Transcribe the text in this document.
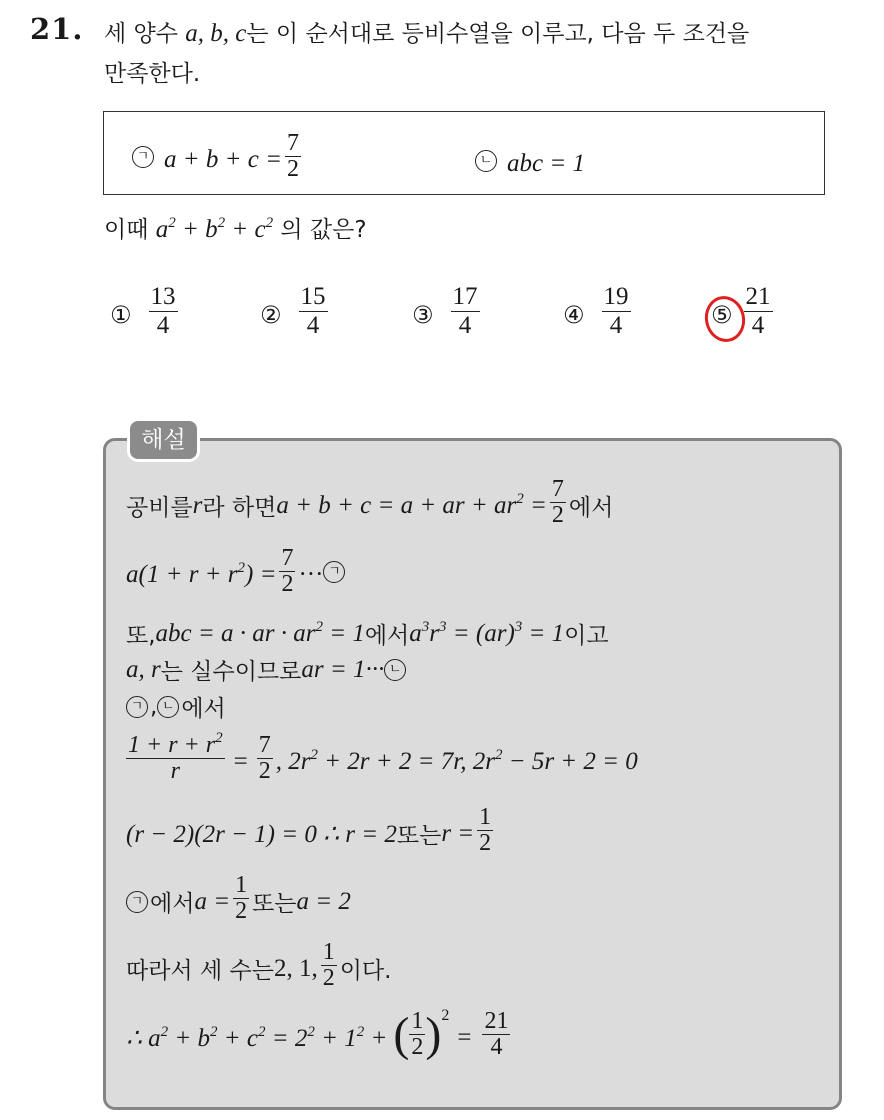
21. 세 양수 a, b, c는 이 순서대로 등비수열을 이루고, 다음 두 조건을
만족한다.
ㄱ $a + b + c = \frac{7}{2}$	ㄴ abc = 1
이때 $a^2 + b^2 + c^2$ 의 값은?
① $\frac{13}{4}$	② $\frac{15}{4}$	③ $\frac{17}{4}$	④ $\frac{19}{4}$	⑤ $\frac{21}{4}$
해설
공비를 r 라 하면 a + b + c = a + ar + $ar^2 = \frac{7}{2}$ 에서
$a(1 + r + r^2) = \frac{7}{2}$ ··· ㄱ
또, abc = a · ar · $ar^2 = 1$ 에서 $a^3r^3 = (ar)^3 = 1$ 이고
a, r 는 실수이므로 ar = 1··· ㄴ
ㄱ , ㄴ 에서
$\frac{1 + r + r^2}{r} = \frac{7}{2}$ , $2r^2 + 2r + 2 = 7r$, $2r^2 - 5r + 2 = 0$
(r − 2)(2r − 1) = 0 ∴ r = 2 또는 $r = \frac{1}{2}$
ㄱ 에서 $a = \frac{1}{2}$ 또는 a = 2
따라서 세 수는 2, 1, $\frac{1}{2}$ 이다.
∴ $a^2 + b^2 + c^2 = 2^2 + 1^2$ + ( $\frac{1}{2} )^2$
= $\frac{21}{4}$
